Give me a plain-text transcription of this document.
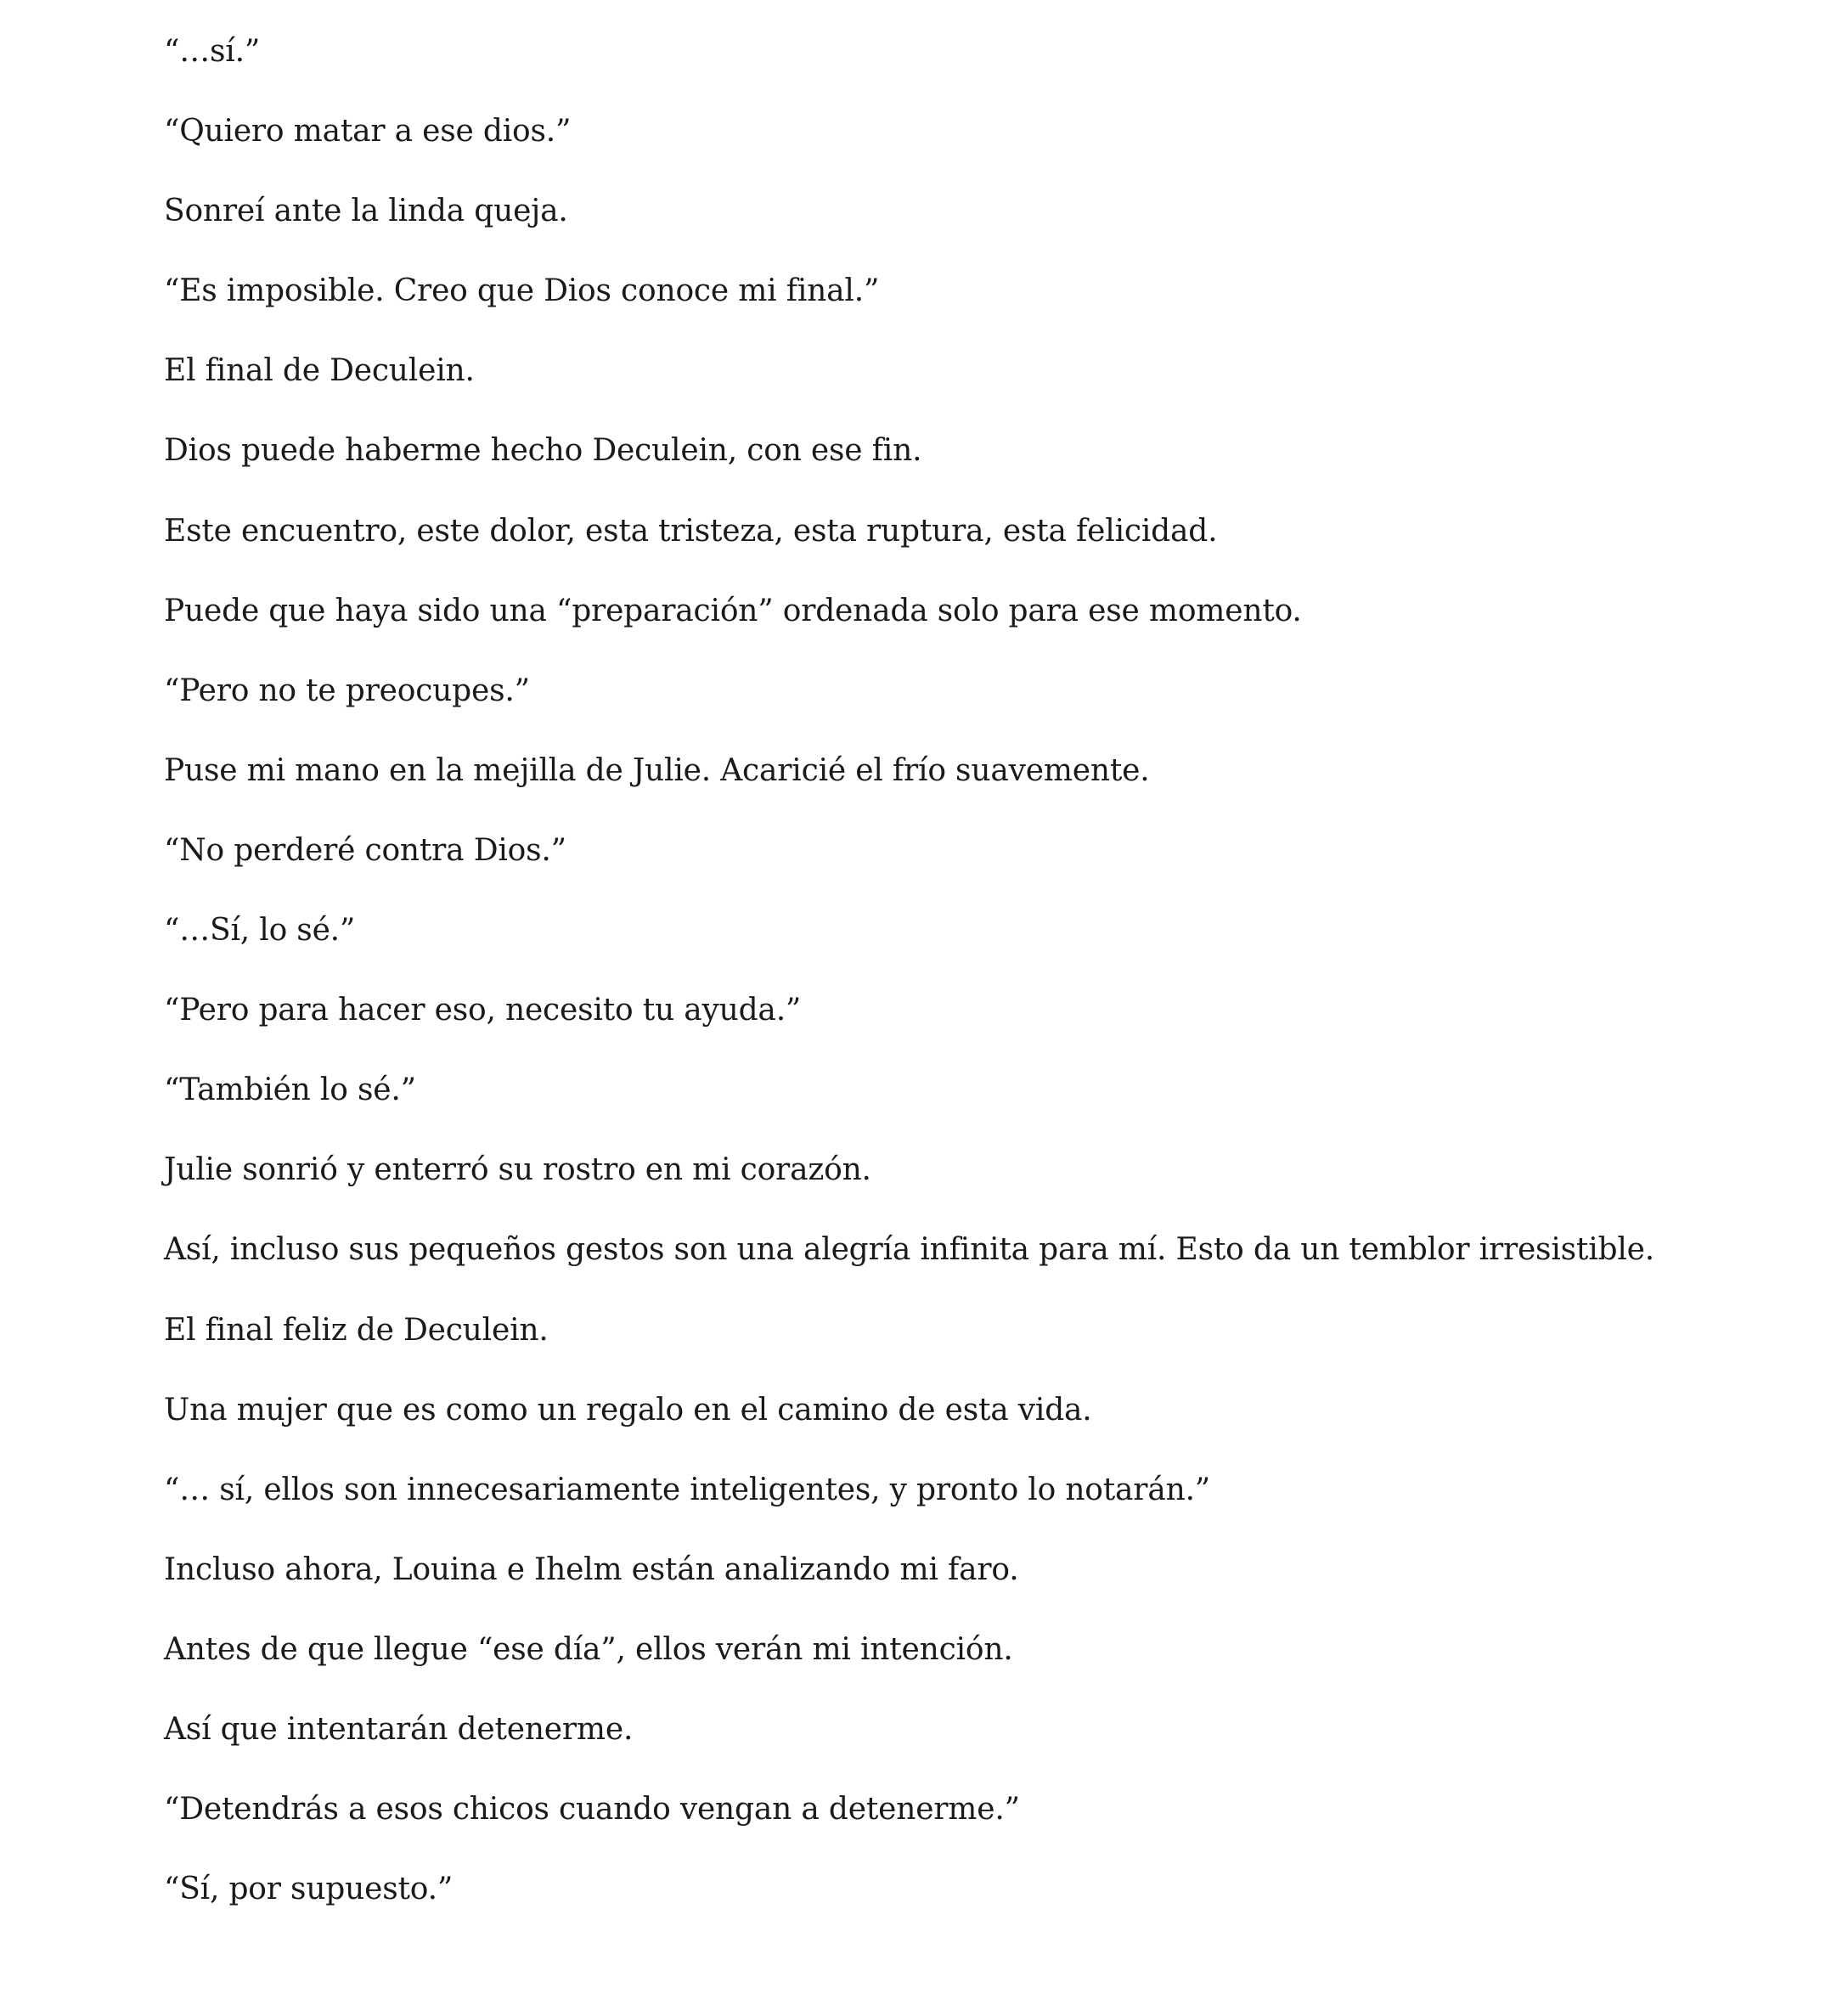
“…sí.”

“Quiero matar a ese dios.”

Sonreí ante la linda queja.

“Es imposible. Creo que Dios conoce mi final.”

El final de Deculein.

Dios puede haberme hecho Deculein, con ese fin.

Este encuentro, este dolor, esta tristeza, esta ruptura, esta felicidad.

Puede que haya sido una “preparación” ordenada solo para ese momento.

“Pero no te preocupes.”

Puse mi mano en la mejilla de Julie. Acaricié el frío suavemente.

“No perderé contra Dios.”

“…Sí, lo sé.”

“Pero para hacer eso, necesito tu ayuda.”

“También lo sé.”

Julie sonrió y enterró su rostro en mi corazón.

Así, incluso sus pequeños gestos son una alegría infinita para mí. Esto da un temblor irresistible.

El final feliz de Deculein.

Una mujer que es como un regalo en el camino de esta vida.

“… sí, ellos son innecesariamente inteligentes, y pronto lo notarán.”

Incluso ahora, Louina e Ihelm están analizando mi faro.

Antes de que llegue “ese día”, ellos verán mi intención.

Así que intentarán detenerme.

“Detendrás a esos chicos cuando vengan a detenerme.”

“Sí, por supuesto.”
